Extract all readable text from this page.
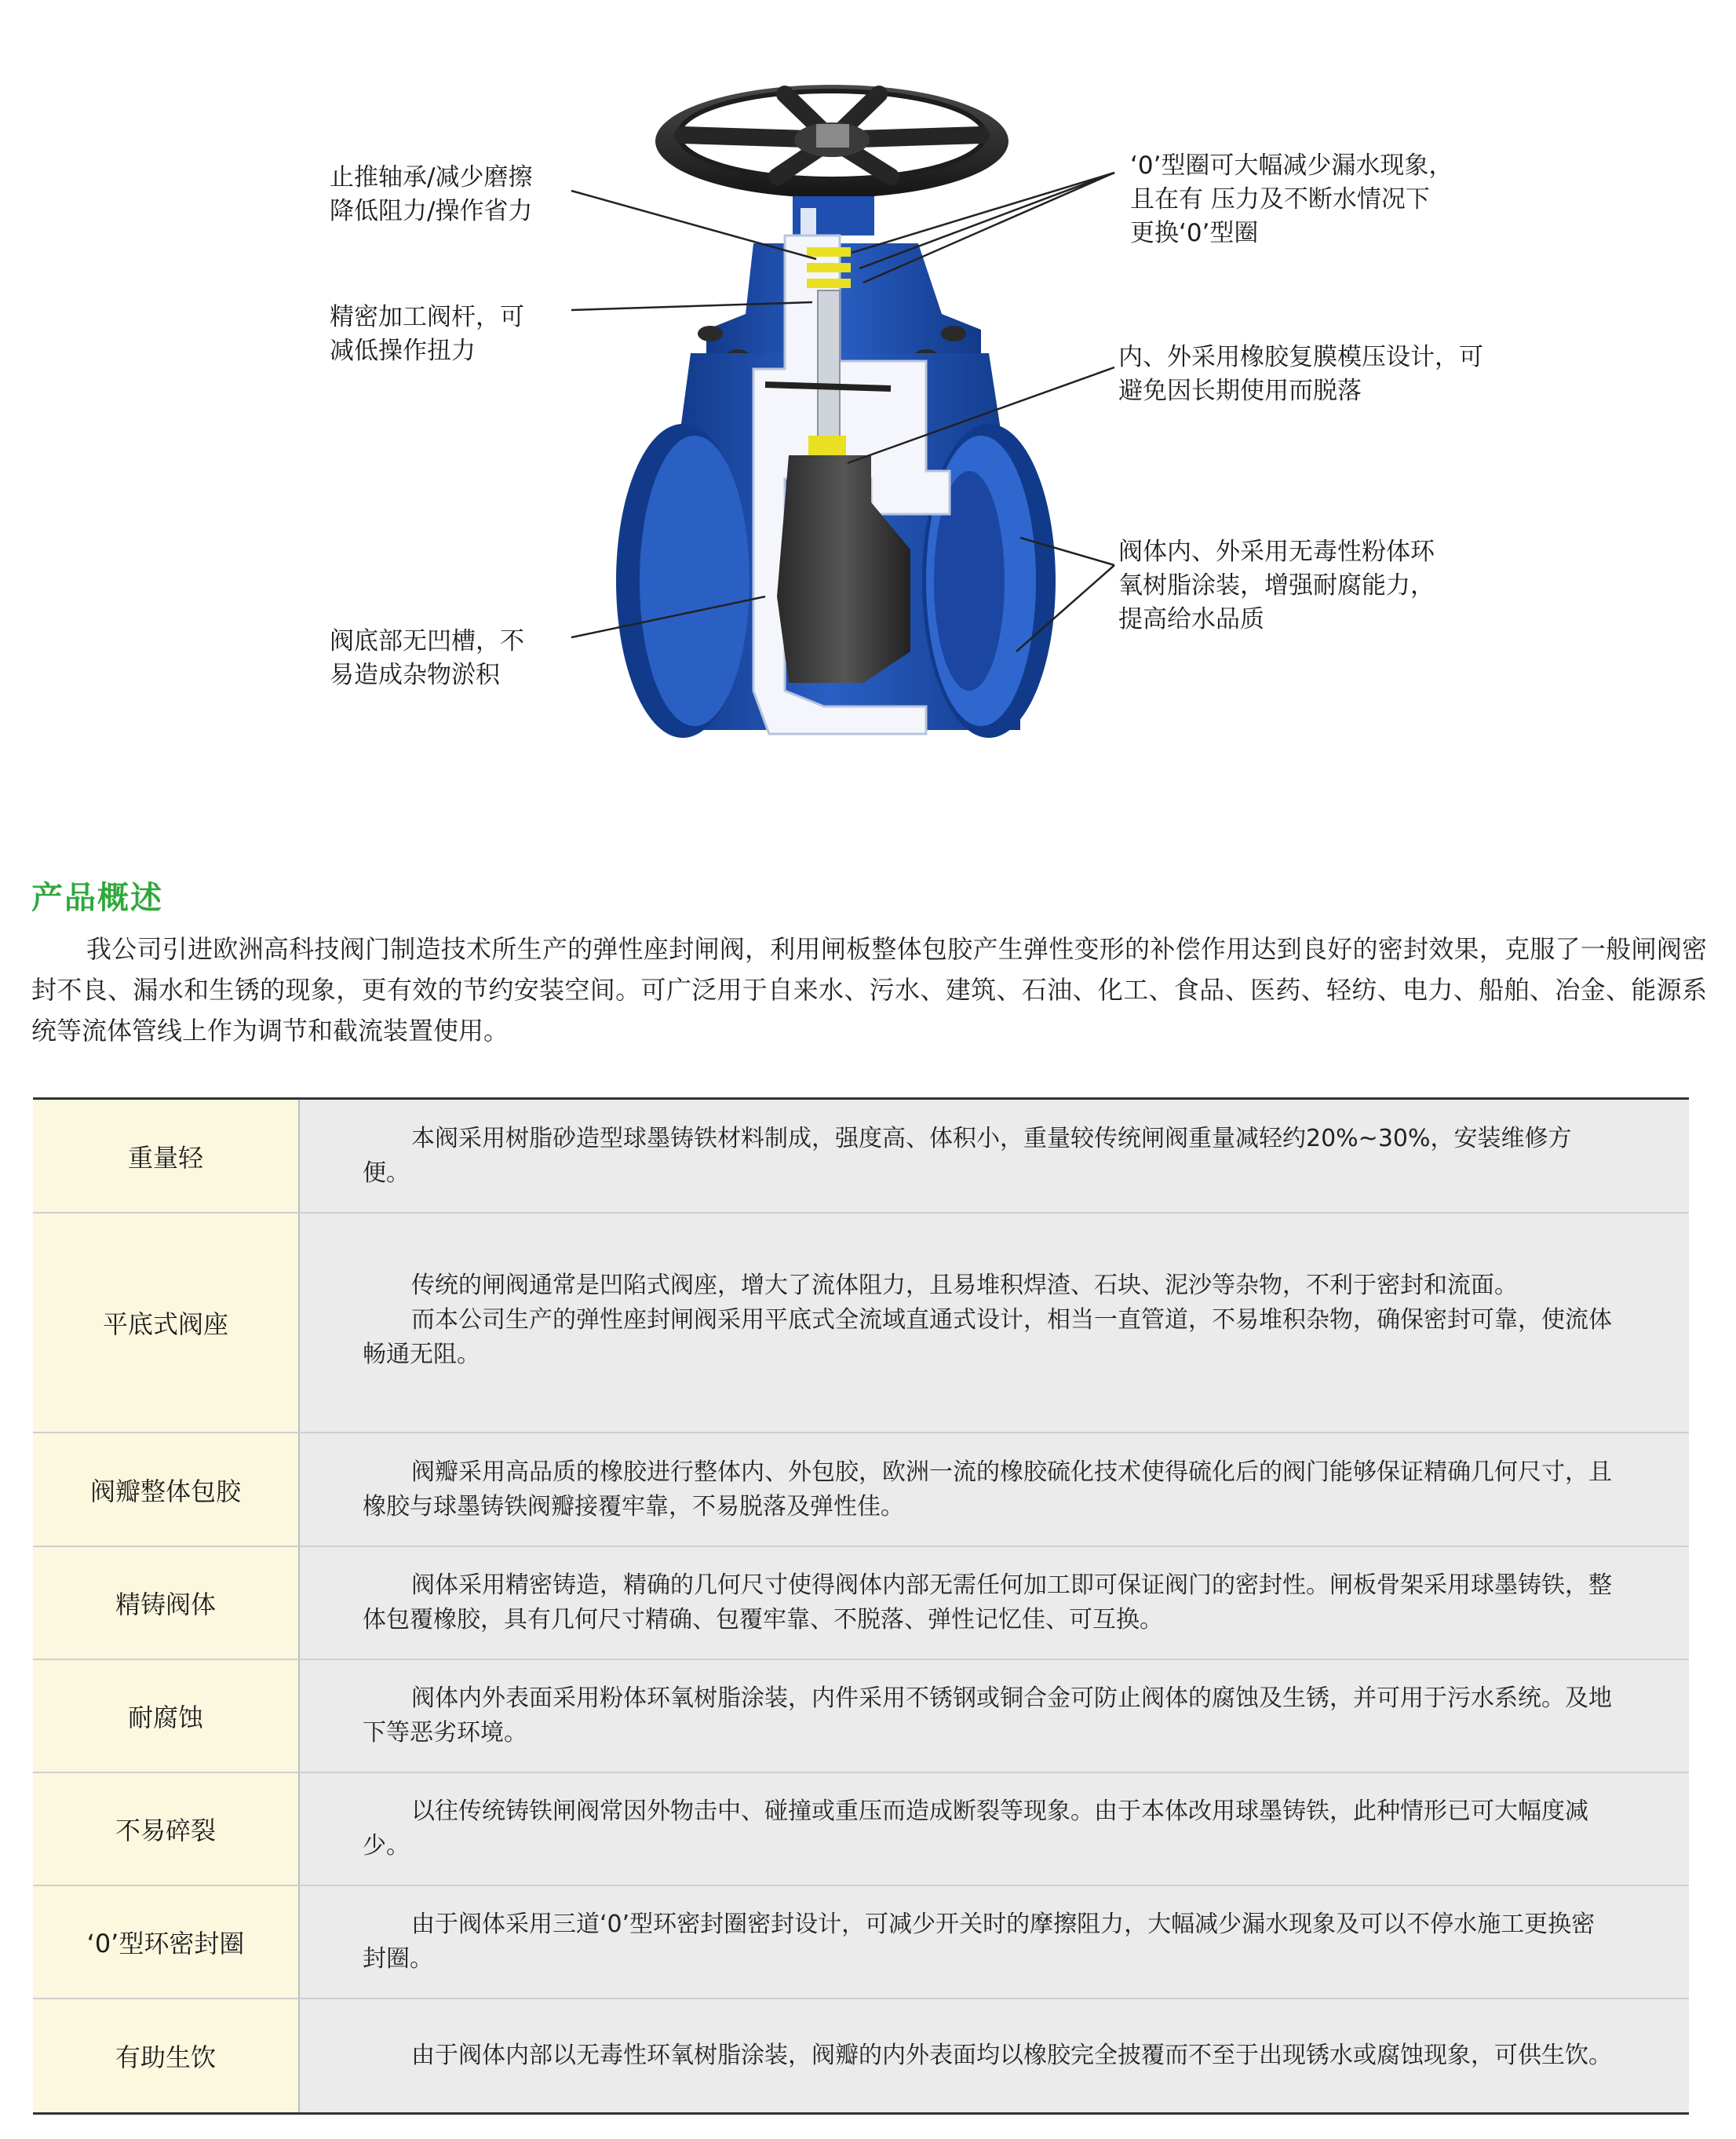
止推轴承/减少磨擦
降低阻力/操作省力
精密加工阀杆，可
减低操作扭力
阀底部无凹槽，不
易造成杂物淤积
‘0’型圈可大幅减少漏水现象，
且在有 压力及不断水情况下
更换‘0’型圈
内、外采用橡胶复膜模压设计，可
避免因长期使用而脱落
阀体内、外采用无毒性粉体环
氧树脂涂装，增强耐腐能力，
提高给水品质
产品概述

我公司引进欧洲高科技阀门制造技术所生产的弹性座封闸阀，利用闸板整体包胶产生弹性变形的补偿作用达到良好的密封效果，克服了一般闸阀密封不良、漏水和生锈的现象，更有效的节约安装空间。可广泛用于自来水、污水、建筑、石油、化工、食品、医药、轻纺、电力、船舶、冶金、能源系统等流体管线上作为调节和截流装置使用。

重量轻

本阀采用树脂砂造型球墨铸铁材料制成，强度高、体积小，重量较传统闸阀重量减轻约20%~30%，安装维修方便。

平底式阀座

传统的闸阀通常是凹陷式阀座，增大了流体阻力，且易堆积焊渣、石块、泥沙等杂物，不利于密封和流面。

而本公司生产的弹性座封闸阀采用平底式全流域直通式设计，相当一直管道，不易堆积杂物，确保密封可靠，使流体畅通无阻。

阀瓣整体包胶

阀瓣采用高品质的橡胶进行整体内、外包胶，欧洲一流的橡胶硫化技术使得硫化后的阀门能够保证精确几何尺寸，且橡胶与球墨铸铁阀瓣接覆牢靠，不易脱落及弹性佳。

精铸阀体

阀体采用精密铸造，精确的几何尺寸使得阀体内部无需任何加工即可保证阀门的密封性。闸板骨架采用球墨铸铁，整体包覆橡胶，具有几何尺寸精确、包覆牢靠、不脱落、弹性记忆佳、可互换。

耐腐蚀

阀体内外表面采用粉体环氧树脂涂装，内件采用不锈钢或铜合金可防止阀体的腐蚀及生锈，并可用于污水系统。及地下等恶劣环境。

不易碎裂

以往传统铸铁闸阀常因外物击中、碰撞或重压而造成断裂等现象。由于本体改用球墨铸铁，此种情形已可大幅度减少。

‘0’型环密封圈

由于阀体采用三道‘0’型环密封圈密封设计，可减少开关时的摩擦阻力，大幅减少漏水现象及可以不停水施工更换密封圈。

有助生饮	由于阀体内部以无毒性环氧树脂涂装，阀瓣的内外表面均以橡胶完全披覆而不至于出现锈水或腐蚀现象，可供生饮。
